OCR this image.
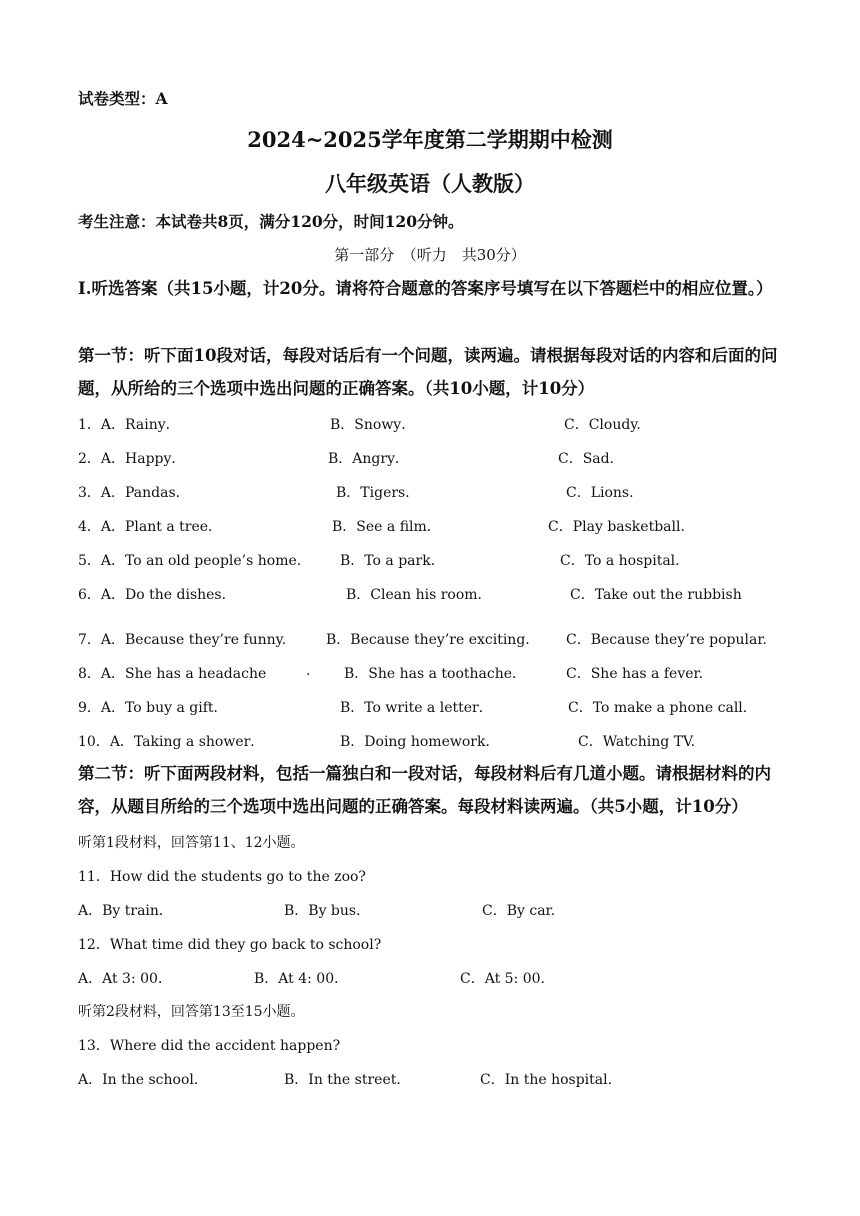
试卷类型：A
2024~2025学年度第二学期期中检测
八年级英语（人教版）
考生注意：本试卷共8页，满分120分，时间120分钟。
第一部分　（听力　共30分）
Ⅰ.听选答案（共15小题，计20分。请将符合题意的答案序号填写在以下答题栏中的相应位置。）
第一节：听下面10段对话，每段对话后有一个问题，读两遍。请根据每段对话的内容和后面的问题，从所给的三个选项中选出问题的正确答案。（共10小题，计10分）
1．A．Rainy．	B．Snowy．	C．Cloudy.
2．A．Happy．	B．Angry．	C．Sad.
3．A．Pandas．	B．Tigers．	C．Lions.
4．A．Plant a tree．	B．See a film．	C．Play basketball.
5．A．To an old people’s home.	B．To a park．	C．To a hospital.
6．A．Do the dishes．	B．Clean his room．	C．Take out the rubbish
7．A．Because they’re funny.	B．Because they’re exciting.	C．Because they’re popular.
8．A．She has a headache	. B．She has a toothache．	C．She has a fever.
9．A．To buy a gift．	B．To write a letter．	C．To make a phone call.
10．A．Taking a shower．	B．Doing homework．	C．Watching TV.
第二节：听下面两段材料，包括一篇独白和一段对话，每段材料后有几道小题。请根据材料的内容，从题目所给的三个选项中选出问题的正确答案。每段材料读两遍。（共5小题，计10分）
听第1段材料，回答第11、12小题。
11．How did the students go to the zoo?
A．By train．	B．By bus．	C．By car.
12．What time did they go back to school?
A．At 3: 00．	B．At 4: 00．	C．At 5: 00．
听第2段材料，回答第13至15小题。
13．Where did the accident happen?
A．In the school．	B．In the street．	C．In the hospital.
